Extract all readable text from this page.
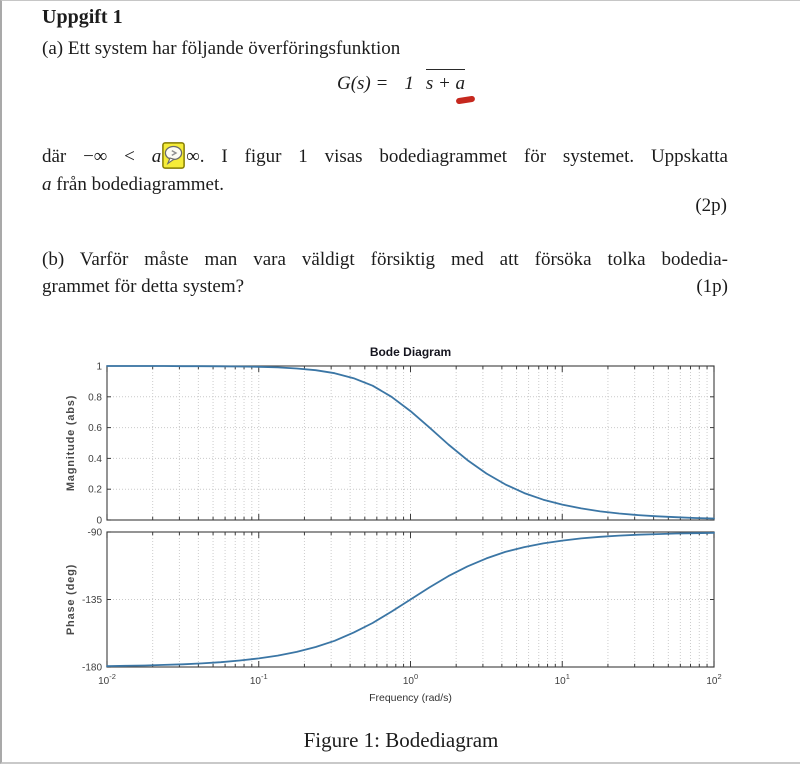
Uppgift 1
(a) Ett system har följande överföringsfunktion
G(s) = 1 s + a
där −∞ < a ∞. I figur 1 visas bodediagrammet för systemet. Uppskatta
a från bodediagrammet.
(2p)
(b) Varför måste man vara väldigt försiktig med att försöka tolka bodedia-
grammet för detta system?	(1p)
0
0.2
0.4
0.6
0.8
1
Magnitude (abs)
-90
-135
-180
Phase (deg)
Bode Diagram
$10^{-2}$	$10^{-1}$	$10^0$	$10^1$	$10^2$
Frequency (rad/s)
Figure 1: Bodediagram
